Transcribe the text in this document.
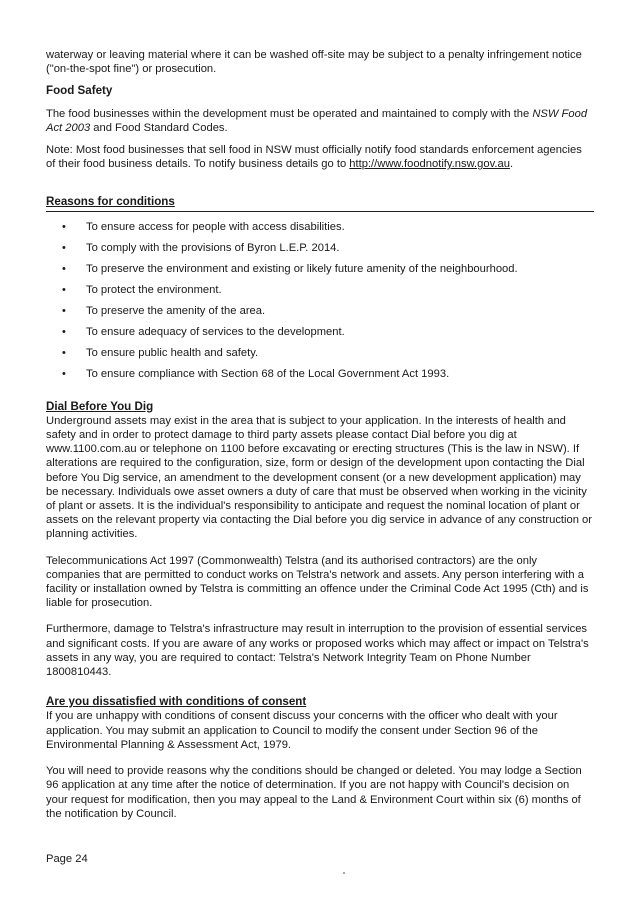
waterway or leaving material where it can be washed off-site may be subject to a penalty infringement notice ("on-the-spot fine") or prosecution.

Food Safety

The food businesses within the development must be operated and maintained to comply with the NSW Food Act 2003 and Food Standard Codes.

Note: Most food businesses that sell food in NSW must officially notify food standards enforcement agencies of their food business details. To notify business details go to http://www.foodnotify.nsw.gov.au.

Reasons for conditions
• To ensure access for people with access disabilities.
• To comply with the provisions of Byron L.E.P. 2014.
• To preserve the environment and existing or likely future amenity of the neighbourhood.
• To protect the environment.
• To preserve the amenity of the area.
• To ensure adequacy of services to the development.
• To ensure public health and safety.
• To ensure compliance with Section 68 of the Local Government Act 1993.

Dial Before You Dig

Underground assets may exist in the area that is subject to your application. In the interests of health and safety and in order to protect damage to third party assets please contact Dial before you dig at www.1100.com.au or telephone on 1100 before excavating or erecting structures (This is the law in NSW). If alterations are required to the configuration, size, form or design of the development upon contacting the Dial before You Dig service, an amendment to the development consent (or a new development application) may be necessary. Individuals owe asset owners a duty of care that must be observed when working in the vicinity of plant or assets. It is the individual's responsibility to anticipate and request the nominal location of plant or assets on the relevant property via contacting the Dial before you dig service in advance of any construction or planning activities.

Telecommunications Act 1997 (Commonwealth) Telstra (and its authorised contractors) are the only companies that are permitted to conduct works on Telstra's network and assets. Any person interfering with a facility or installation owned by Telstra is committing an offence under the Criminal Code Act 1995 (Cth) and is liable for prosecution.

Furthermore, damage to Telstra's infrastructure may result in interruption to the provision of essential services and significant costs. If you are aware of any works or proposed works which may affect or impact on Telstra's assets in any way, you are required to contact: Telstra's Network Integrity Team on Phone Number 1800810443.

Are you dissatisfied with conditions of consent

If you are unhappy with conditions of consent discuss your concerns with the officer who dealt with your application. You may submit an application to Council to modify the consent under Section 96 of the Environmental Planning & Assessment Act, 1979.

You will need to provide reasons why the conditions should be changed or deleted. You may lodge a Section 96 application at any time after the notice of determination. If you are not happy with Council's decision on your request for modification, then you may appeal to the Land & Environment Court within six (6) months of the notification by Council.

Page 24
